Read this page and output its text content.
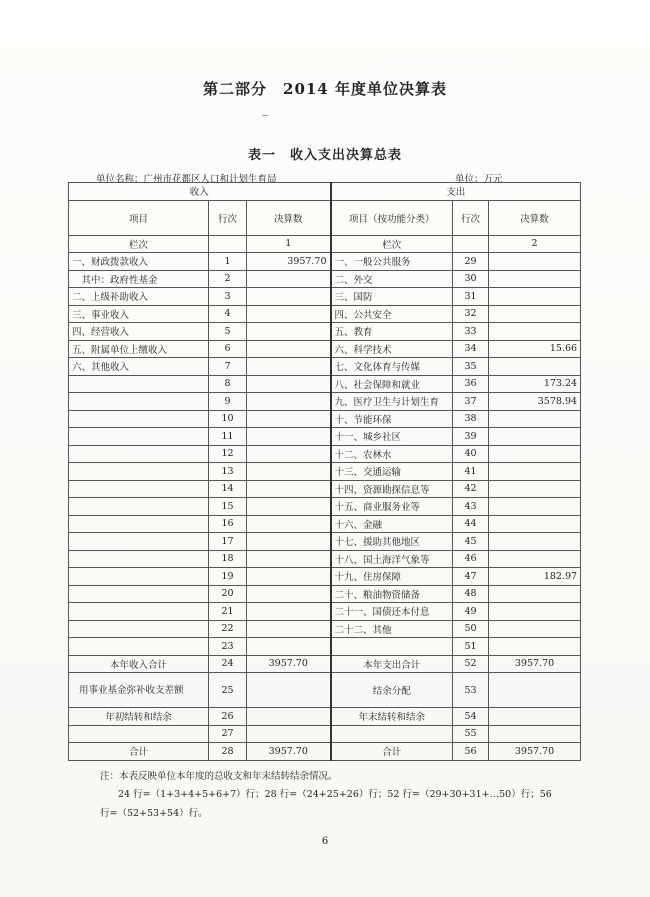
第二部分　2014 年度单位决算表
表一　收入支出决算总表
单位名称：广州市花都区人口和计划生育局	单位：万元
收入			支出		
项目	行次	决算数	项目（按功能分类）	行次	决算数
栏次		1	栏次		2
一、财政拨款收入	1	3957.70	一、一般公共服务	29	
　其中：政府性基金	2		二、外交	30	
二、上级补助收入	3		三、国防	31	
三、事业收入	4		四、公共安全	32	
四、经营收入	5		五、教育	33	
五、附属单位上缴收入	6		六、科学技术	34	15.66
六、其他收入	7		七、文化体育与传媒	35	
	8		八、社会保障和就业	36	173.24
	9		九、医疗卫生与计划生育	37	3578.94
	10		十、节能环保	38	
	11		十一、城乡社区	39	
	12		十二、农林水	40	
	13		十三、交通运输	41	
	14		十四、资源勘探信息等	42	
	15		十五、商业服务业等	43	
	16		十六、金融	44	
	17		十七、援助其他地区	45	
	18		十八、国土海洋气象等	46	
	19		十九、住房保障	47	182.97
	20		二十、粮油物资储备	48	
	21		二十一、国债还本付息	49	
	22		二十二、其他	50	
	23			51	
本年收入合计	24	3957.70	本年支出合计	52	3957.70
用事业基金弥补收支差额	25		结余分配	53	
年初结转和结余	26		年末结转和结余	54	
	27			55	
合计	28	3957.70	合计	56	3957.70
注：本表反映单位本年度的总收支和年末结转结余情况。
24 行=（1+3+4+5+6+7）行；28 行=（24+25+26）行；52 行=（29+30+31+…50）行；56
行=（52+53+54）行。
6
